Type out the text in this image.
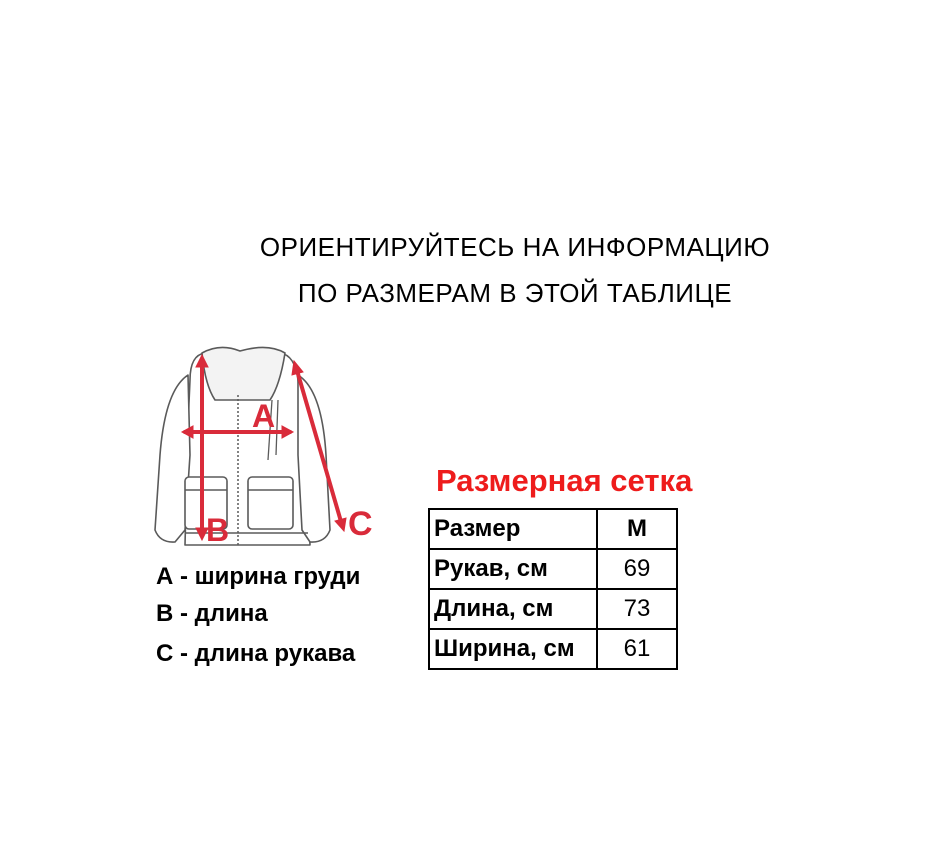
ОРИЕНТИРУЙТЕСЬ НА ИНФОРМАЦИЮ
ПО РАЗМЕРАМ В ЭТОЙ ТАБЛИЦЕ
A
B	C
А - ширина груди
В - длина
С - длина рукава
Размерная сетка
Размер	M
Рукав, см	69
Длина, см	73
Ширина, см	61
